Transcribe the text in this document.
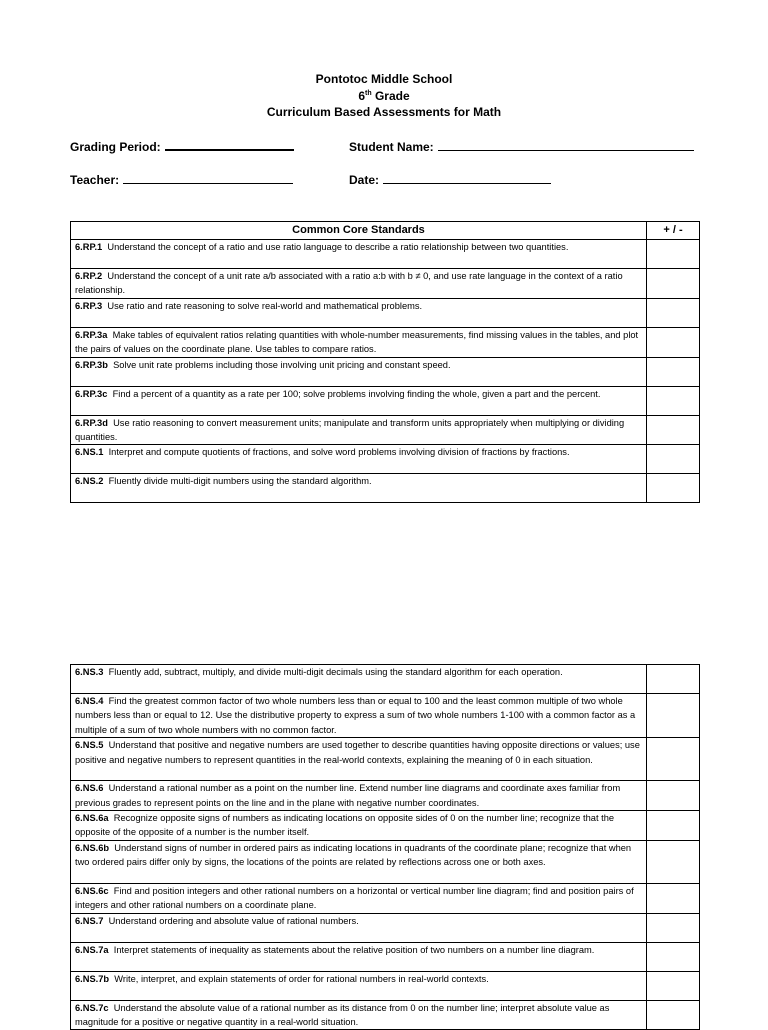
Pontotoc Middle School
6th Grade
Curriculum Based Assessments for Math
Grading Period:	Student Name:
Teacher:	Date:
Common Core Standards	+ / -
6.RP.1 Understand the concept of a ratio and use ratio language to describe a ratio relationship between two quantities.	
6.RP.2 Understand the concept of a unit rate a/b associated with a ratio a:b with b ≠ 0, and use rate language in the context of a ratio relationship.	
6.RP.3 Use ratio and rate reasoning to solve real-world and mathematical problems.	
6.RP.3a Make tables of equivalent ratios relating quantities with whole-number measurements, find missing values in the tables, and plot the pairs of values on the coordinate plane. Use tables to compare ratios.	
6.RP.3b Solve unit rate problems including those involving unit pricing and constant speed.	
6.RP.3c Find a percent of a quantity as a rate per 100; solve problems involving finding the whole, given a part and the percent.	
6.RP.3d Use ratio reasoning to convert measurement units; manipulate and transform units appropriately when multiplying or dividing quantities.	
6.NS.1 Interpret and compute quotients of fractions, and solve word problems involving division of fractions by fractions.	
6.NS.2 Fluently divide multi-digit numbers using the standard algorithm.	
6.NS.3 Fluently add, subtract, multiply, and divide multi-digit decimals using the standard algorithm for each operation.	
6.NS.4 Find the greatest common factor of two whole numbers less than or equal to 100 and the least common multiple of two whole numbers less than or equal to 12. Use the distributive property to express a sum of two whole numbers 1-100 with a common factor as a multiple of a sum of two whole numbers with no common factor.	
6.NS.5 Understand that positive and negative numbers are used together to describe quantities having opposite directions or values; use positive and negative numbers to represent quantities in the real-world contexts, explaining the meaning of 0 in each situation.	
6.NS.6 Understand a rational number as a point on the number line. Extend number line diagrams and coordinate axes familiar from previous grades to represent points on the line and in the plane with negative number coordinates.	
6.NS.6a Recognize opposite signs of numbers as indicating locations on opposite sides of 0 on the number line; recognize that the opposite of the opposite of a number is the number itself.	
6.NS.6b Understand signs of number in ordered pairs as indicating locations in quadrants of the coordinate plane; recognize that when two ordered pairs differ only by signs, the locations of the points are related by reflections across one or both axes.	
6.NS.6c Find and position integers and other rational numbers on a horizontal or vertical number line diagram; find and position pairs of integers and other rational numbers on a coordinate plane.	
6.NS.7 Understand ordering and absolute value of rational numbers.	
6.NS.7a Interpret statements of inequality as statements about the relative position of two numbers on a number line diagram.	
6.NS.7b Write, interpret, and explain statements of order for rational numbers in real-world contexts.	
6.NS.7c Understand the absolute value of a rational number as its distance from 0 on the number line; interpret absolute value as magnitude for a positive or negative quantity in a real-world situation.	
